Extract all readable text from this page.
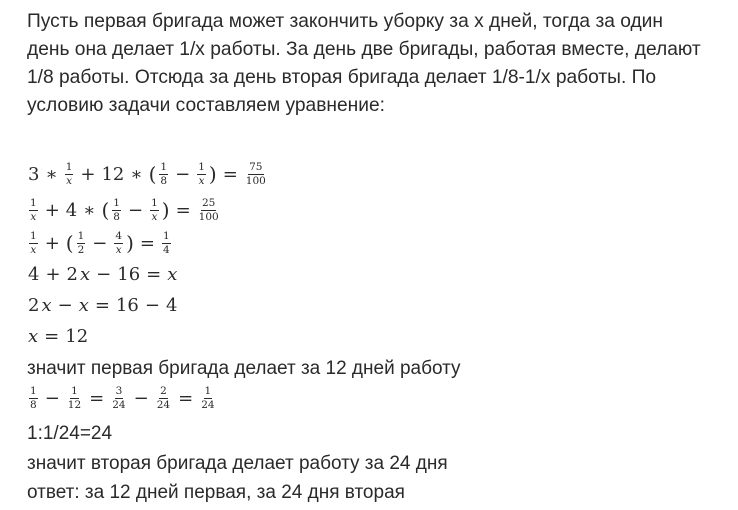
Пусть первая бригада может закончить уборку за х дней, тогда за один

день она делает 1/х работы. За день две бригады, работая вместе, делают

1/8 работы. Отсюда за день вторая бригада делает 1/8-1/х работы. По

условию задачи составляем уравнение:

3 ∗ $\frac{1}{x} + 12$ ∗ ( $\frac{1}{8} - \frac{1}{x}$ ) = $\frac{75}{100}$
$\frac{1}{x} + 4$ ∗ ( $\frac{1}{8} - \frac{1}{x}$ ) = $\frac{25}{100}$
$\frac{1}{x}$ + ( $\frac{1}{2} - \frac{4}{x}$ ) = $\frac{1}{4}$
4 + 2 x − 16 = x
2 x − x = 16 − 4
x = 12

значит первая бригада делает за 12 дней работу

$\frac{1}{8} - \frac{1}{12} = \frac{3}{24} - \frac{2}{24} = \frac{1}{24}$

1:1/24=24

значит вторая бригада делает работу за 24 дня

ответ: за 12 дней первая, за 24 дня вторая
